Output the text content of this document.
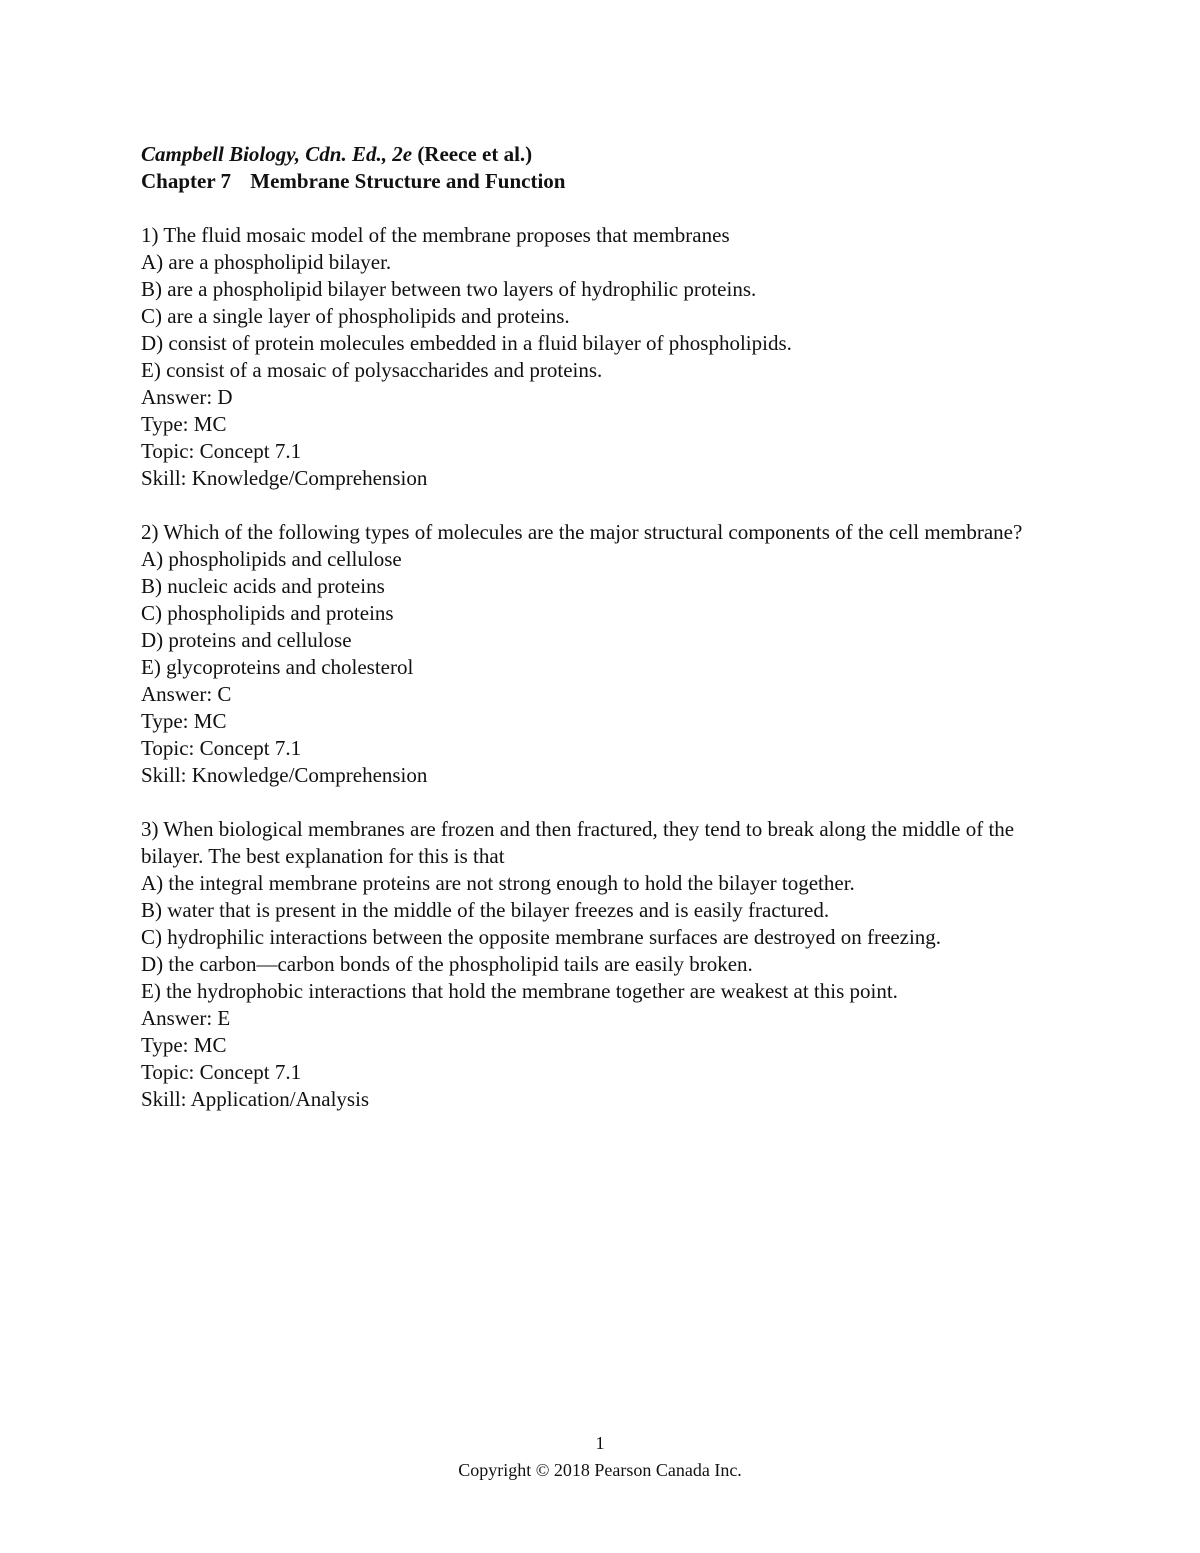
Campbell Biology, Cdn. Ed., 2e (Reece et al.)
Chapter 7 Membrane Structure and Function
1) The fluid mosaic model of the membrane proposes that membranes
A) are a phospholipid bilayer.
B) are a phospholipid bilayer between two layers of hydrophilic proteins.
C) are a single layer of phospholipids and proteins.
D) consist of protein molecules embedded in a fluid bilayer of phospholipids.
E) consist of a mosaic of polysaccharides and proteins.
Answer: D
Type: MC
Topic: Concept 7.1
Skill: Knowledge/Comprehension
2) Which of the following types of molecules are the major structural components of the cell membrane?
A) phospholipids and cellulose
B) nucleic acids and proteins
C) phospholipids and proteins
D) proteins and cellulose
E) glycoproteins and cholesterol
Answer: C
Type: MC
Topic: Concept 7.1
Skill: Knowledge/Comprehension
3) When biological membranes are frozen and then fractured, they tend to break along the middle of the bilayer. The best explanation for this is that
A) the integral membrane proteins are not strong enough to hold the bilayer together.
B) water that is present in the middle of the bilayer freezes and is easily fractured.
C) hydrophilic interactions between the opposite membrane surfaces are destroyed on freezing.
D) the carbon—carbon bonds of the phospholipid tails are easily broken.
E) the hydrophobic interactions that hold the membrane together are weakest at this point.
Answer: E
Type: MC
Topic: Concept 7.1
Skill: Application/Analysis
1
Copyright © 2018 Pearson Canada Inc.
